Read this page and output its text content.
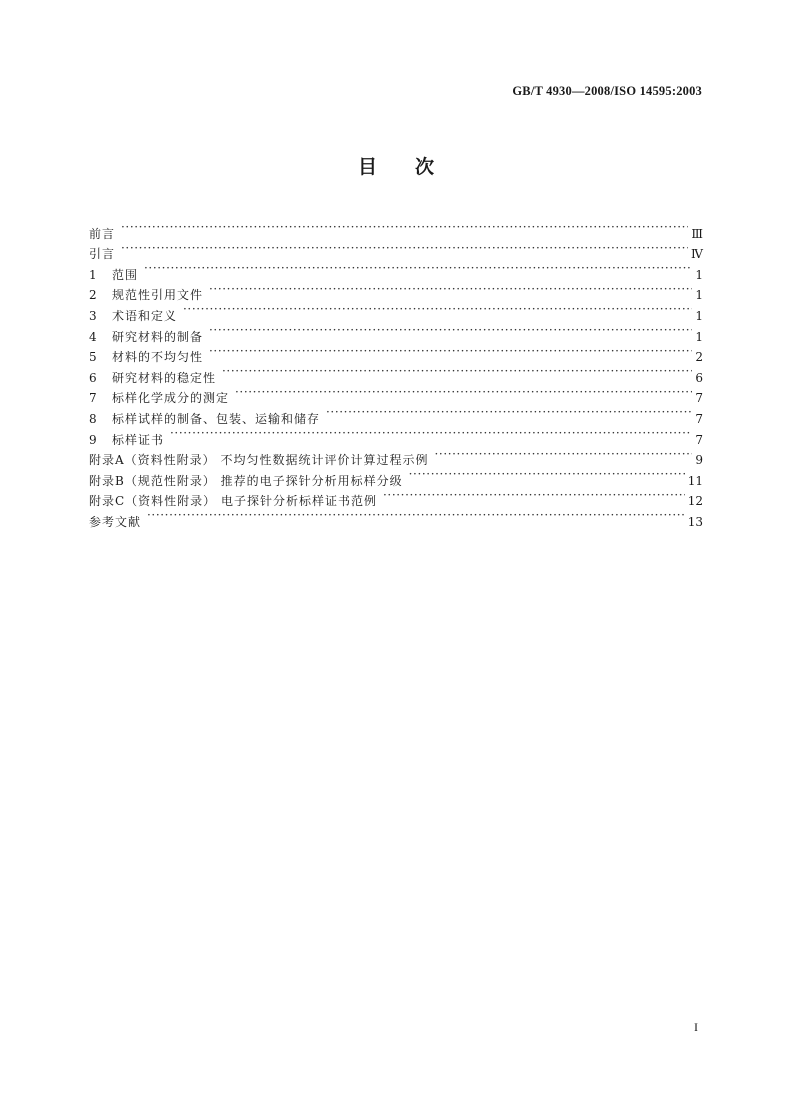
GB/T 4930—2008/ISO 14595:2003
目次
前言 ·····	Ⅲ
引言 ·····	Ⅳ
1	范围 ·····	1
2	规范性引用文件 ·····	1
3	术语和定义 ·····	1
4	研究材料的制备 ·····	1
5	材料的不均匀性 ·····	2
6	研究材料的稳定性 ·····	6
7	标样化学成分的测定 ·····	7
8	标样试样的制备、包装、运输和储存 ·····	7
9	标样证书 ·····	7
附录A（资料性附录） 不均匀性数据统计评价计算过程示例 ·····	9
附录B（规范性附录） 推荐的电子探针分析用标样分级 ·····	11
附录C（资料性附录） 电子探针分析标样证书范例 ·····	12
参考文献 ·····	13
I
